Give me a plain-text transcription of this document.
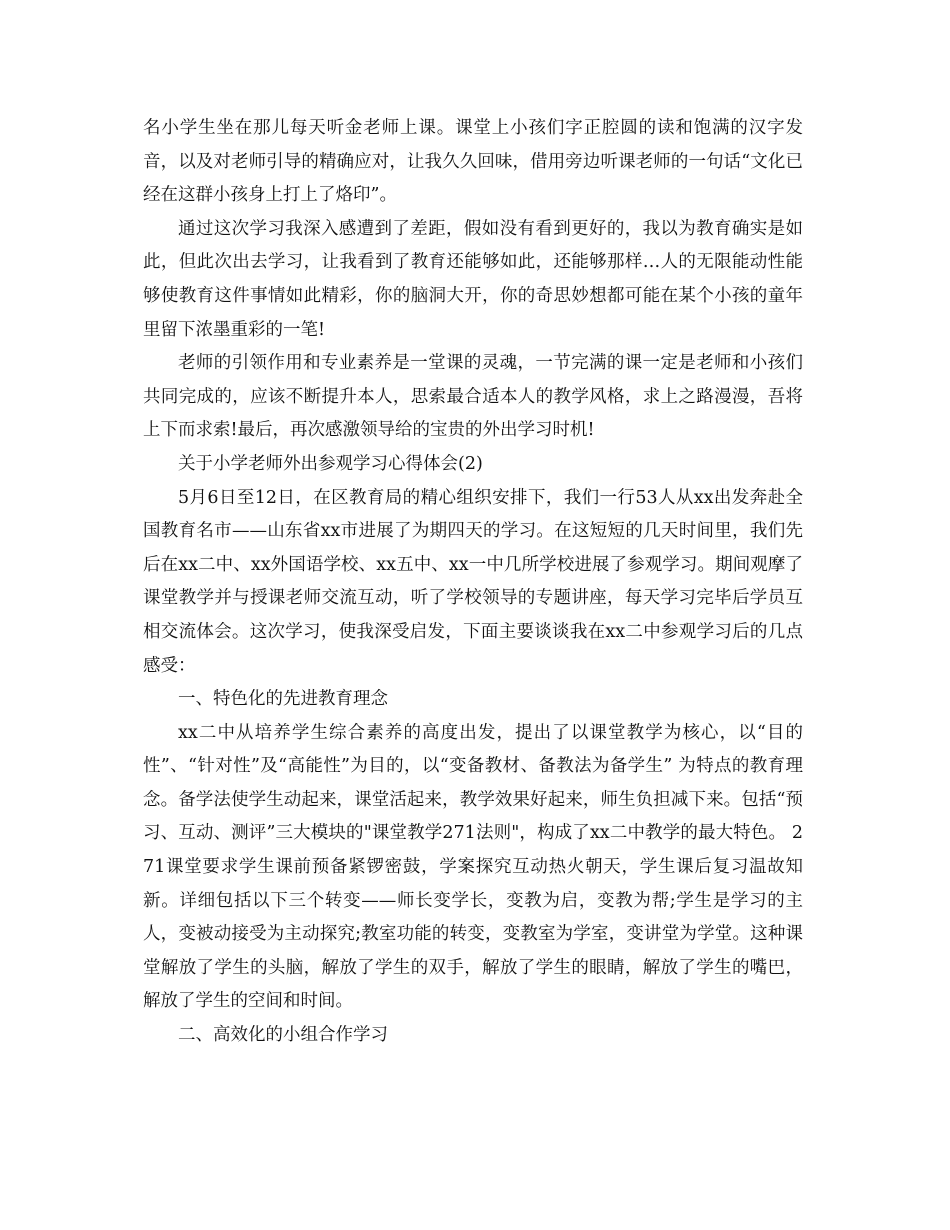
名小学生坐在那儿每天听金老师上课。课堂上小孩们字正腔圆的读和饱满的汉字发音，以及对老师引导的精确应对，让我久久回味，借用旁边听课老师的一句话“文化已经在这群小孩身上打上了烙印”。

通过这次学习我深入感遭到了差距，假如没有看到更好的，我以为教育确实是如此，但此次出去学习，让我看到了教育还能够如此，还能够那样…人的无限能动性能够使教育这件事情如此精彩，你的脑洞大开，你的奇思妙想都可能在某个小孩的童年里留下浓墨重彩的一笔!

老师的引领作用和专业素养是一堂课的灵魂，一节完满的课一定是老师和小孩们共同完成的，应该不断提升本人，思索最合适本人的教学风格，求上之路漫漫，吾将上下而求索!最后，再次感激领导给的宝贵的外出学习时机!

关于小学老师外出参观学习心得体会(2)

5月6日至12日，在区教育局的精心组织安排下，我们一行53人从xx出发奔赴全国教育名市——山东省xx市进展了为期四天的学习。在这短短的几天时间里，我们先后在xx二中、xx外国语学校、xx五中、xx一中几所学校进展了参观学习。期间观摩了课堂教学并与授课老师交流互动，听了学校领导的专题讲座，每天学习完毕后学员互相交流体会。这次学习，使我深受启发，下面主要谈谈我在xx二中参观学习后的几点感受：

一、特色化的先进教育理念

xx二中从培养学生综合素养的高度出发，提出了以课堂教学为核心，以“目的性”、“针对性”及“高能性”为目的，以“变备教材、备教法为备学生” 为特点的教育理念。备学法使学生动起来，课堂活起来，教学效果好起来，师生负担减下来。包括“预习、互动、测评”三大模块的"课堂教学271法则"，构成了xx二中教学的最大特色。 271课堂要求学生课前预备紧锣密鼓，学案探究互动热火朝天，学生课后复习温故知新。详细包括以下三个转变——师长变学长，变教为启，变教为帮;学生是学习的主人，变被动接受为主动探究;教室功能的转变，变教室为学室，变讲堂为学堂。这种课堂解放了学生的头脑，解放了学生的双手，解放了学生的眼睛，解放了学生的嘴巴，解放了学生的空间和时间。

二、高效化的小组合作学习
